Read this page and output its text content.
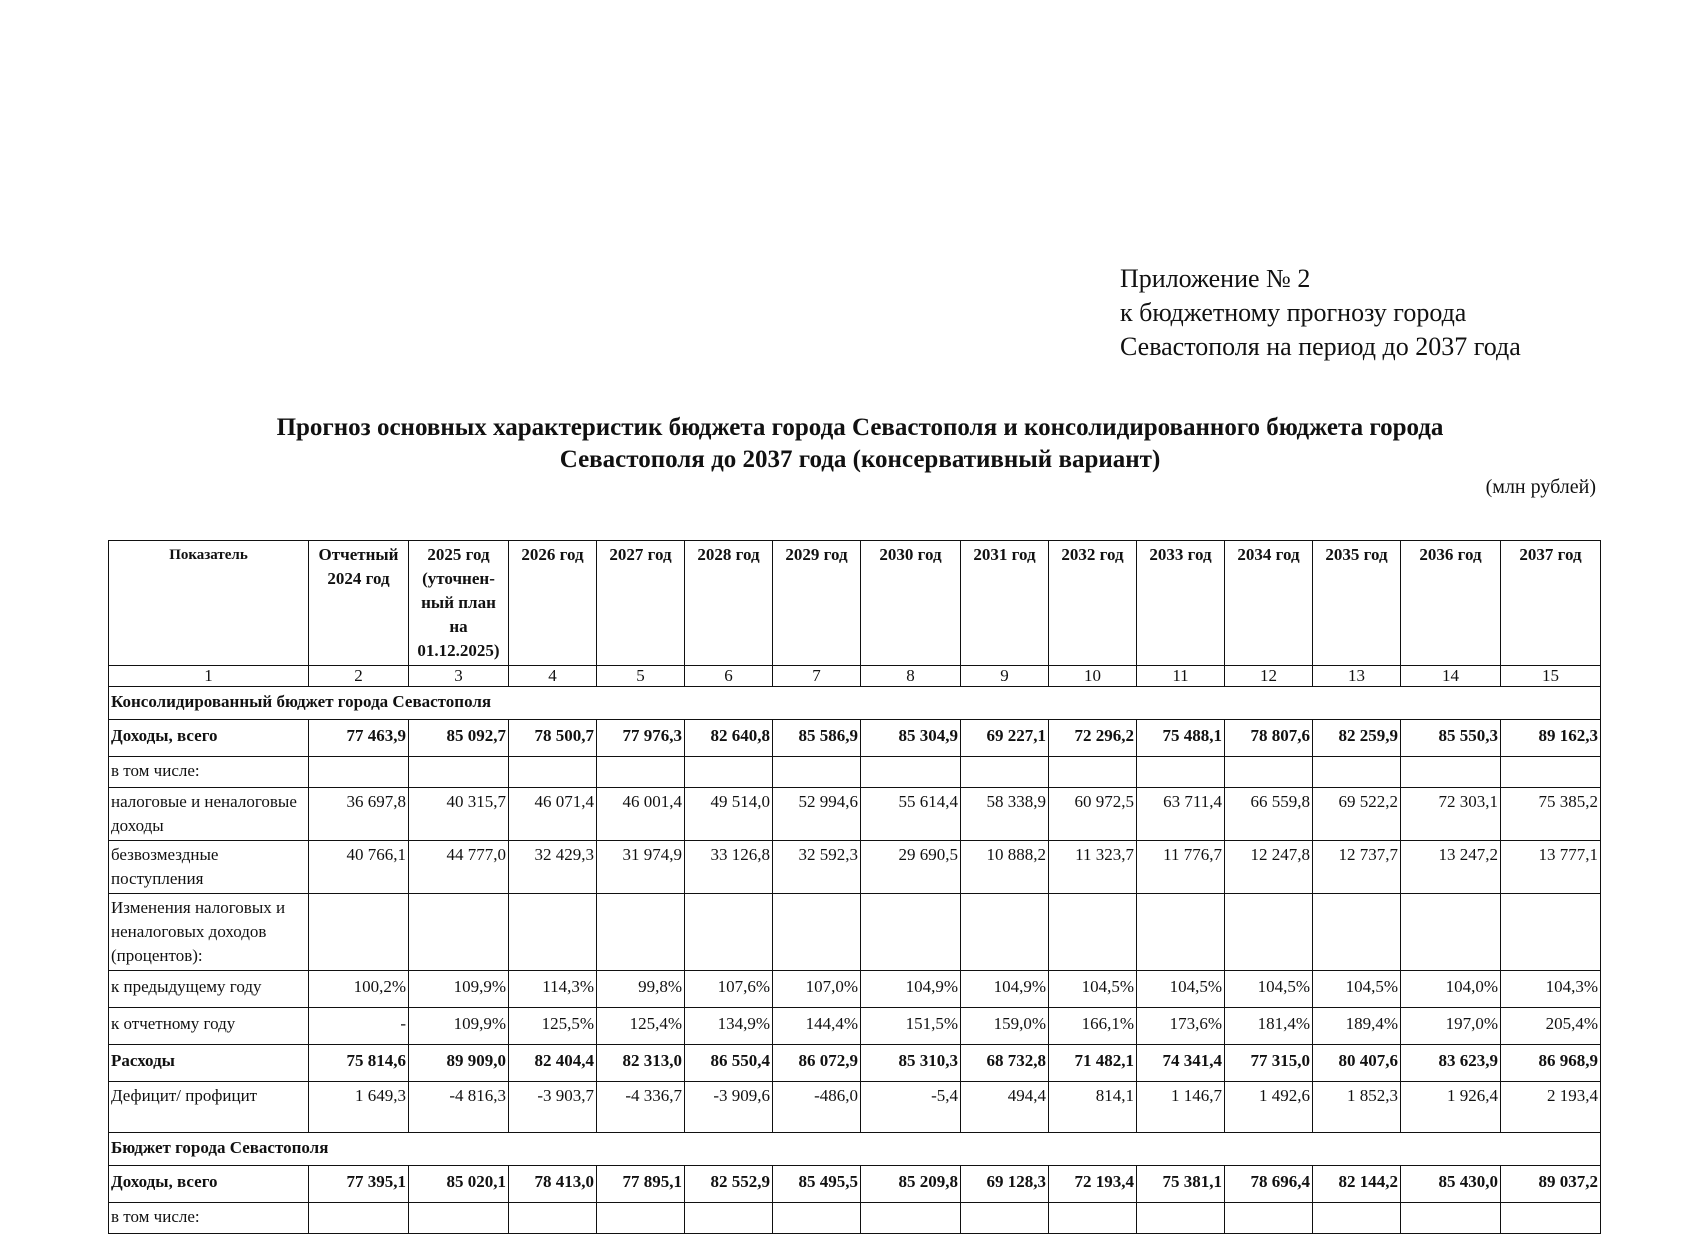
Приложение № 2
к бюджетному прогнозу города
Севастополя на период до 2037 года
Прогноз основных характеристик бюджета города Севастополя и консолидированного бюджета города
Севастополя до 2037 года (консервативный вариант)
(млн рублей)
Показатель	Отчетный 2024 год	2025 год (уточнен-ный план на 01.12.2025)	2026 год	2027 год	2028 год	2029 год	2030 год	2031 год	2032 год	2033 год	2034 год	2035 год	2036 год	2037 год
1	2	3	4	5	6	7	8	9	10	11	12	13	14	15
Консолидированный бюджет города Севастополя														
Доходы, всего	77 463,9	85 092,7	78 500,7	77 976,3	82 640,8	85 586,9	85 304,9	69 227,1	72 296,2	75 488,1	78 807,6	82 259,9	85 550,3	89 162,3
в том числе:														
налоговые и неналоговые доходы	36 697,8	40 315,7	46 071,4	46 001,4	49 514,0	52 994,6	55 614,4	58 338,9	60 972,5	63 711,4	66 559,8	69 522,2	72 303,1	75 385,2
безвозмездные поступления	40 766,1	44 777,0	32 429,3	31 974,9	33 126,8	32 592,3	29 690,5	10 888,2	11 323,7	11 776,7	12 247,8	12 737,7	13 247,2	13 777,1
Изменения налоговых и неналоговых доходов (процентов):														
к предыдущему году	100,2%	109,9%	114,3%	99,8%	107,6%	107,0%	104,9%	104,9%	104,5%	104,5%	104,5%	104,5%	104,0%	104,3%
к отчетному году	-	109,9%	125,5%	125,4%	134,9%	144,4%	151,5%	159,0%	166,1%	173,6%	181,4%	189,4%	197,0%	205,4%
Расходы	75 814,6	89 909,0	82 404,4	82 313,0	86 550,4	86 072,9	85 310,3	68 732,8	71 482,1	74 341,4	77 315,0	80 407,6	83 623,9	86 968,9
Дефицит/ профицит	1 649,3	-4 816,3	-3 903,7	-4 336,7	-3 909,6	-486,0	-5,4	494,4	814,1	1 146,7	1 492,6	1 852,3	1 926,4	2 193,4
Бюджет города Севастополя														
Доходы, всего	77 395,1	85 020,1	78 413,0	77 895,1	82 552,9	85 495,5	85 209,8	69 128,3	72 193,4	75 381,1	78 696,4	82 144,2	85 430,0	89 037,2
в том числе:														
